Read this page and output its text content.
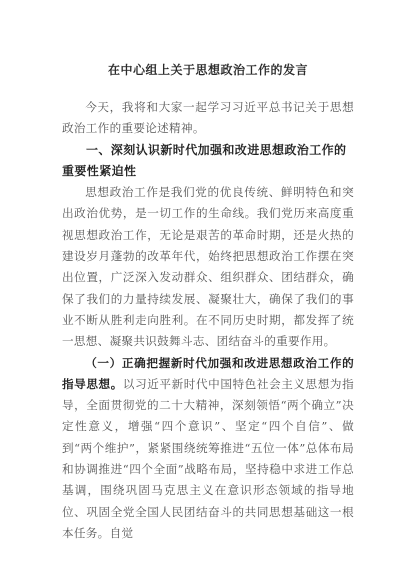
在中心组上关于思想政治工作的发言

今天，我将和大家一起学习习近平总书记关于思想政治工作的重要论述精神。

一、深刻认识新时代加强和改进思想政治工作的重要性紧迫性

思想政治工作是我们党的优良传统、鲜明特色和突出政治优势，是一切工作的生命线。我们党历来高度重视思想政治工作，无论是艰苦的革命时期，还是火热的建设岁月蓬勃的改革年代，始终把思想政治工作摆在突出位置，广泛深入发动群众、组织群众、团结群众，确保了我们的力量持续发展、凝聚壮大，确保了我们的事业不断从胜利走向胜利。在不同历史时期，都发挥了统一思想、凝聚共识鼓舞斗志、团结奋斗的重要作用。

（一）正确把握新时代加强和改进思想政治工作的指导思想。以习近平新时代中国特色社会主义思想为指导，全面贯彻党的二十大精神，深刻领悟“两个确立”决定性意义，增强“四个意识”、坚定“四个自信”、做到“两个维护”，紧紧围绕统筹推进“五位一体”总体布局和协调推进“四个全面”战略布局，坚持稳中求进工作总基调，围绕巩固马克思主义在意识形态领域的指导地位、巩固全党全国人民团结奋斗的共同思想基础这一根本任务。自觉
